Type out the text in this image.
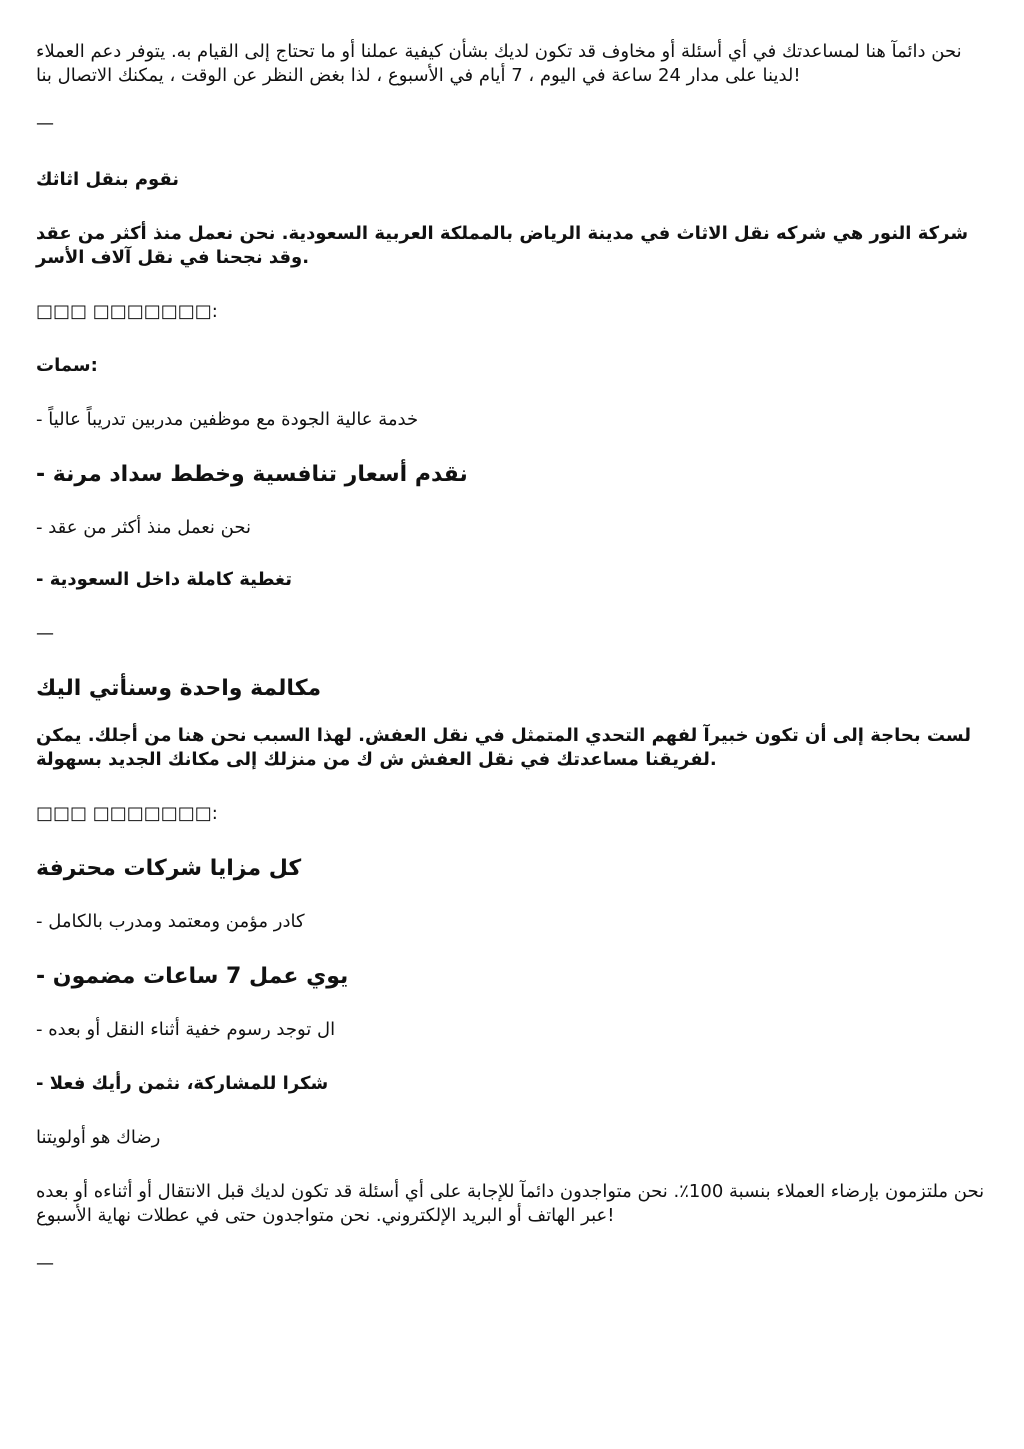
نحن دائمآ هنا لمساعدتك في أي أسئلة أو مخاوف قد تكون لديك بشأن كيفية عملنا أو ما تحتاج إلى القيام به. يتوفر دعم العملاء لدينا على مدار 24 ساعة في اليوم ، 7 أيام في الأسبوع ، لذا بغض النظر عن الوقت ، يمكنك الاتصال بنا!

—

نقوم بنقل اثاثك

شركة النور هي شركه نقل الاثاث في مدينة الرياض بالمملكة العربية السعودية. نحن نعمل منذ أكثر من عقد وقد نجحنا في نقل آلاف الأسر.

□□□ □□□□□□□:

سمات:

- خدمة عالية الجودة مع موظفين مدربين تدريباً عالياً

- نقدم أسعار تنافسية وخطط سداد مرنة

- نحن نعمل منذ أكثر من عقد

- تغطية كاملة داخل السعودية

—

مكالمة واحدة وسنأتي اليك

لست بحاجة إلى أن تكون خبيرآ لفهم التحدي المتمثل في نقل العفش. لهذا السبب نحن هنا من أجلك. يمكن لفريقنا مساعدتك في نقل العفش ش ك من منزلك إلى مكانك الجديد بسهولة.

□□□ □□□□□□□:

كل مزايا شركات محترفة

- كادر مؤمن ومعتمد ومدرب بالكامل

- يوي عمل 7 ساعات مضمون

- ال توجد رسوم خفية أثناء النقل أو بعده

- شكرا للمشاركة، نثمن رأيك فعلا

رضاك هو أولويتنا

نحن ملتزمون بإرضاء العملاء بنسبة 100٪. نحن متواجدون دائمآ للإجابة على أي أسئلة قد تكون لديك قبل الانتقال أو أثناءه أو بعده عبر الهاتف أو البريد الإلكتروني. نحن متواجدون حتى في عطلات نهاية الأسبوع!

—
